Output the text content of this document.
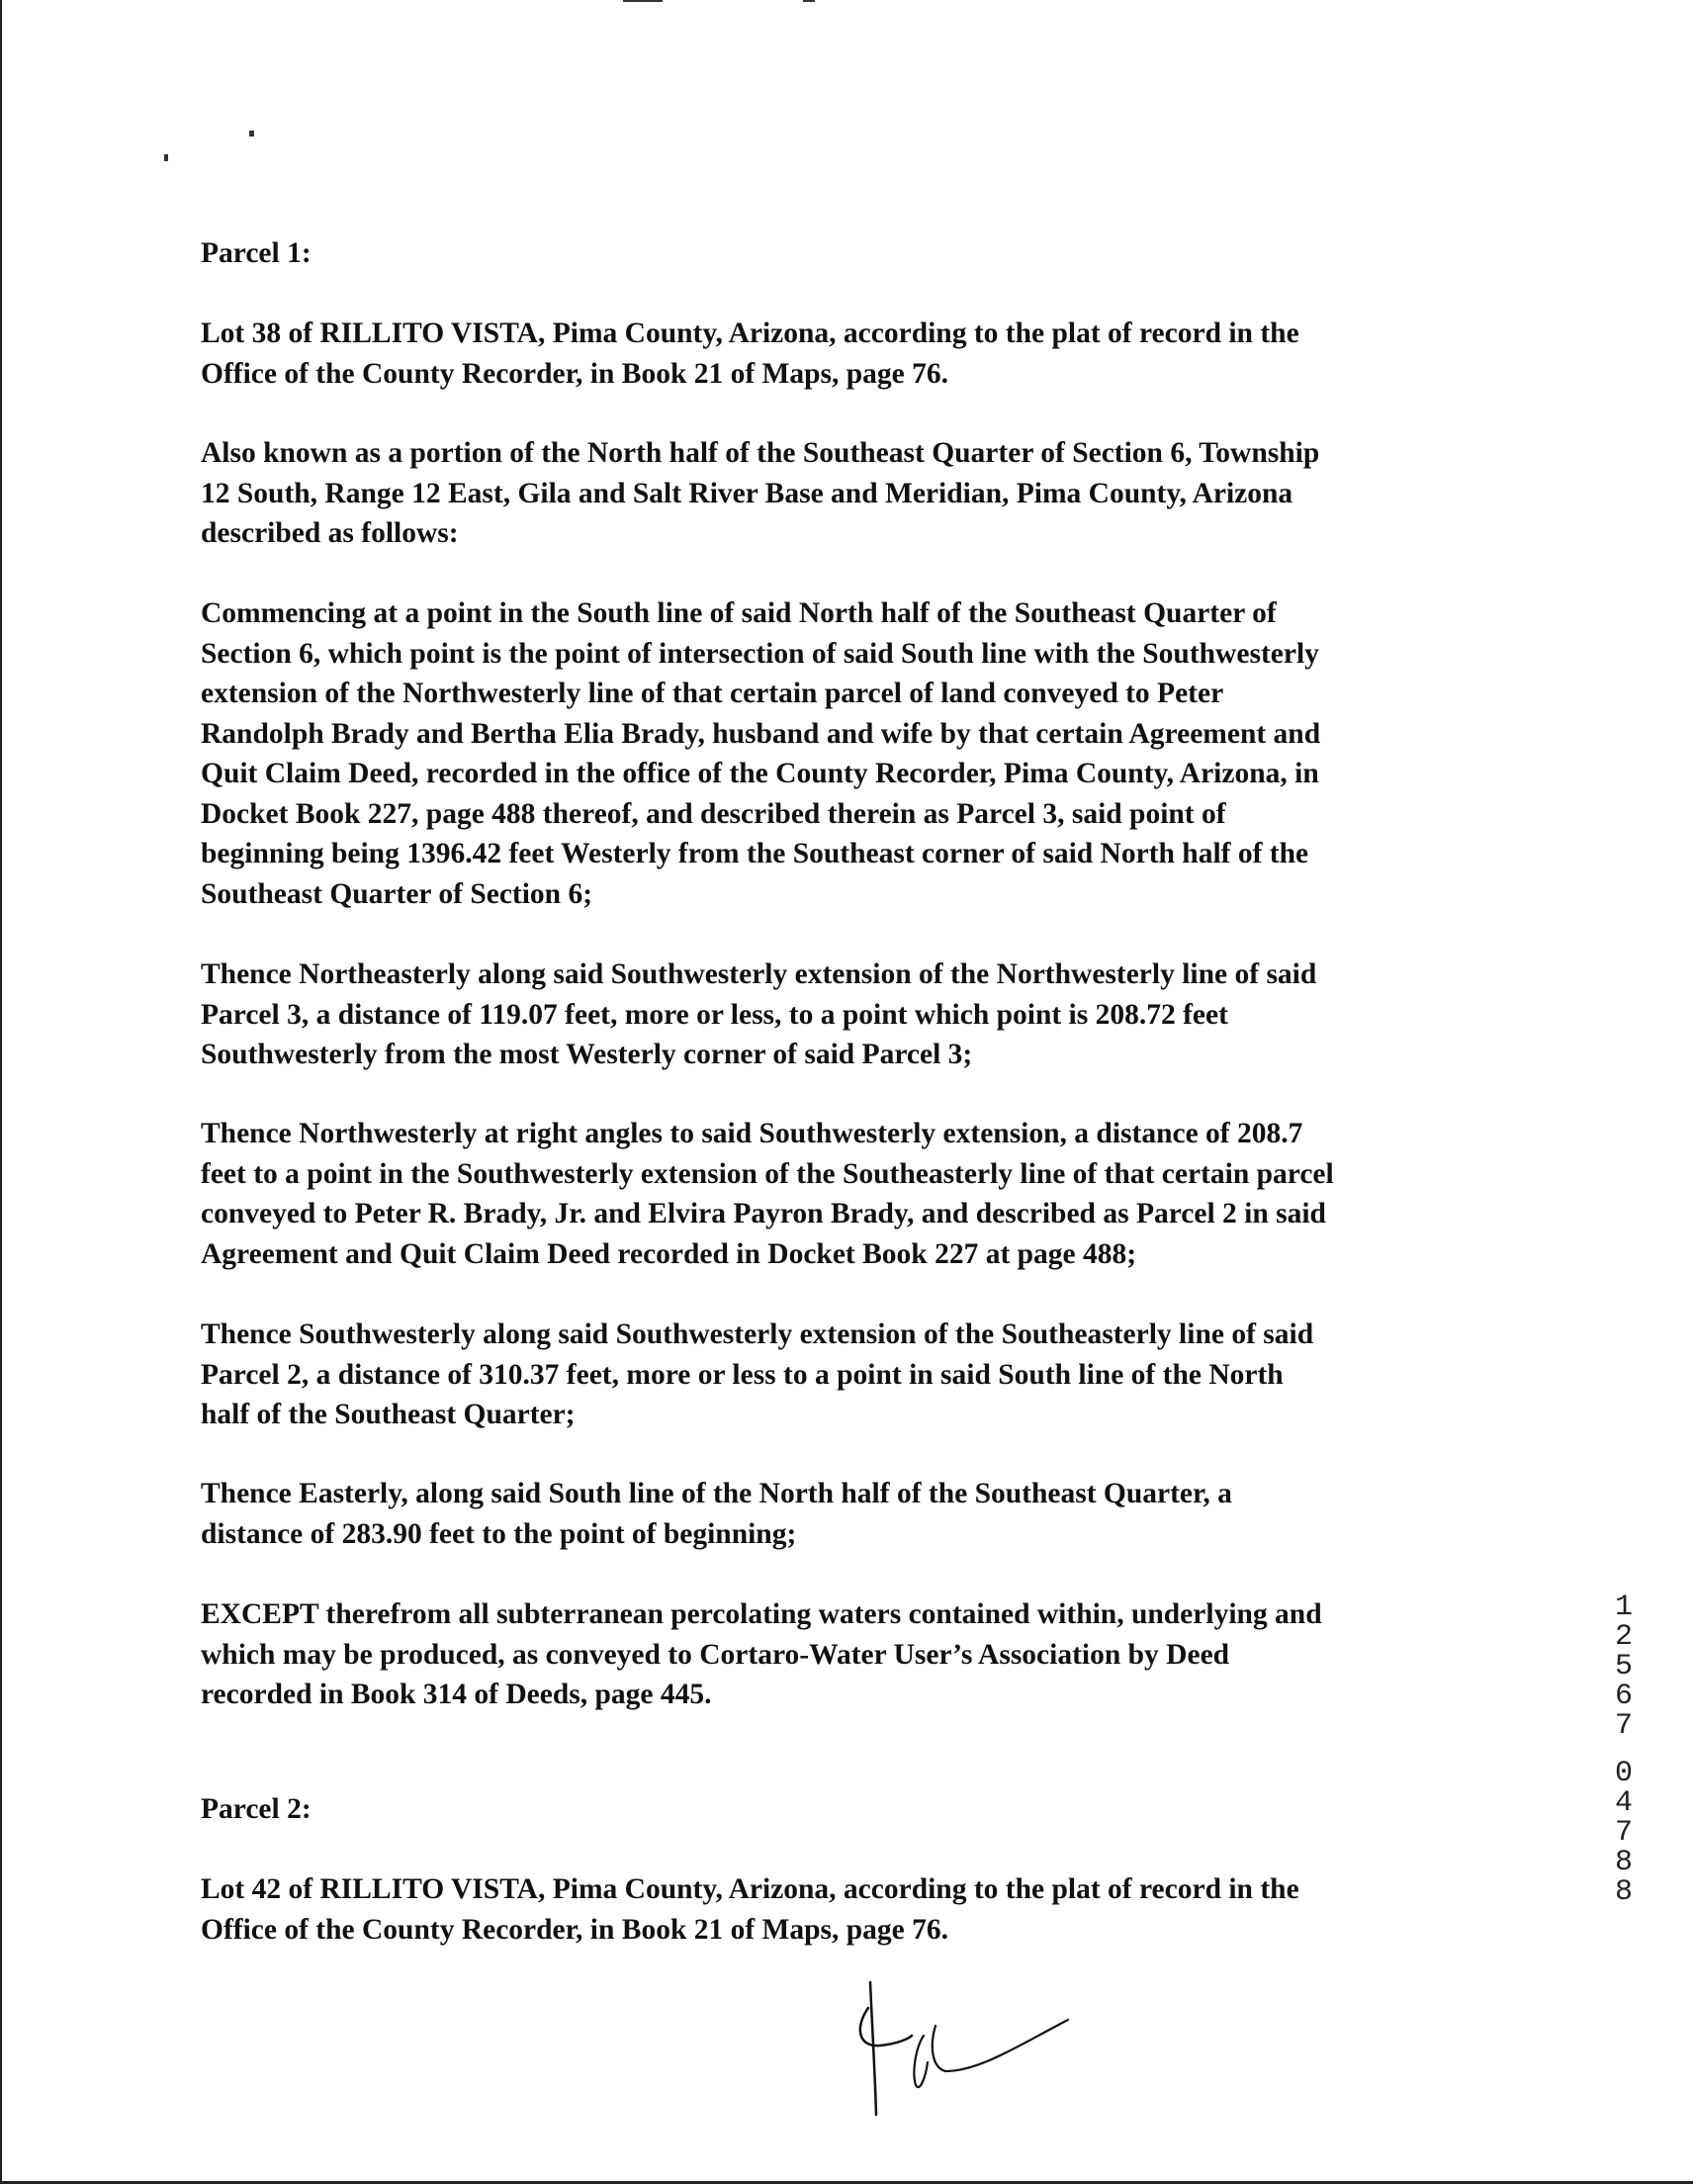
Parcel 1:
Lot 38 of RILLITO VISTA, Pima County, Arizona, according to the plat of record in the
Office of the County Recorder, in Book 21 of Maps, page 76.
Also known as a portion of the North half of the Southeast Quarter of Section 6, Township
12 South, Range 12 East, Gila and Salt River Base and Meridian, Pima County, Arizona
described as follows:
Commencing at a point in the South line of said North half of the Southeast Quarter of
Section 6, which point is the point of intersection of said South line with the Southwesterly
extension of the Northwesterly line of that certain parcel of land conveyed to Peter
Randolph Brady and Bertha Elia Brady, husband and wife by that certain Agreement and
Quit Claim Deed, recorded in the office of the County Recorder, Pima County, Arizona, in
Docket Book 227, page 488 thereof, and described therein as Parcel 3, said point of
beginning being 1396.42 feet Westerly from the Southeast corner of said North half of the
Southeast Quarter of Section 6;
Thence Northeasterly along said Southwesterly extension of the Northwesterly line of said
Parcel 3, a distance of 119.07 feet, more or less, to a point which point is 208.72 feet
Southwesterly from the most Westerly corner of said Parcel 3;
Thence Northwesterly at right angles to said Southwesterly extension, a distance of 208.7
feet to a point in the Southwesterly extension of the Southeasterly line of that certain parcel
conveyed to Peter R. Brady, Jr. and Elvira Payron Brady, and described as Parcel 2 in said
Agreement and Quit Claim Deed recorded in Docket Book 227 at page 488;
Thence Southwesterly along said Southwesterly extension of the Southeasterly line of said
Parcel 2, a distance of 310.37 feet, more or less to a point in said South line of the North
half of the Southeast Quarter;
Thence Easterly, along said South line of the North half of the Southeast Quarter, a
distance of 283.90 feet to the point of beginning;
EXCEPT therefrom all subterranean percolating waters contained within, underlying and
which may be produced, as conveyed to Cortaro-Water User’s Association by Deed
recorded in Book 314 of Deeds, page 445.
Parcel 2:
Lot 42 of RILLITO VISTA, Pima County, Arizona, according to the plat of record in the
Office of the County Recorder, in Book 21 of Maps, page 76.
1
2
5
6
7
0
4
7
8
8
